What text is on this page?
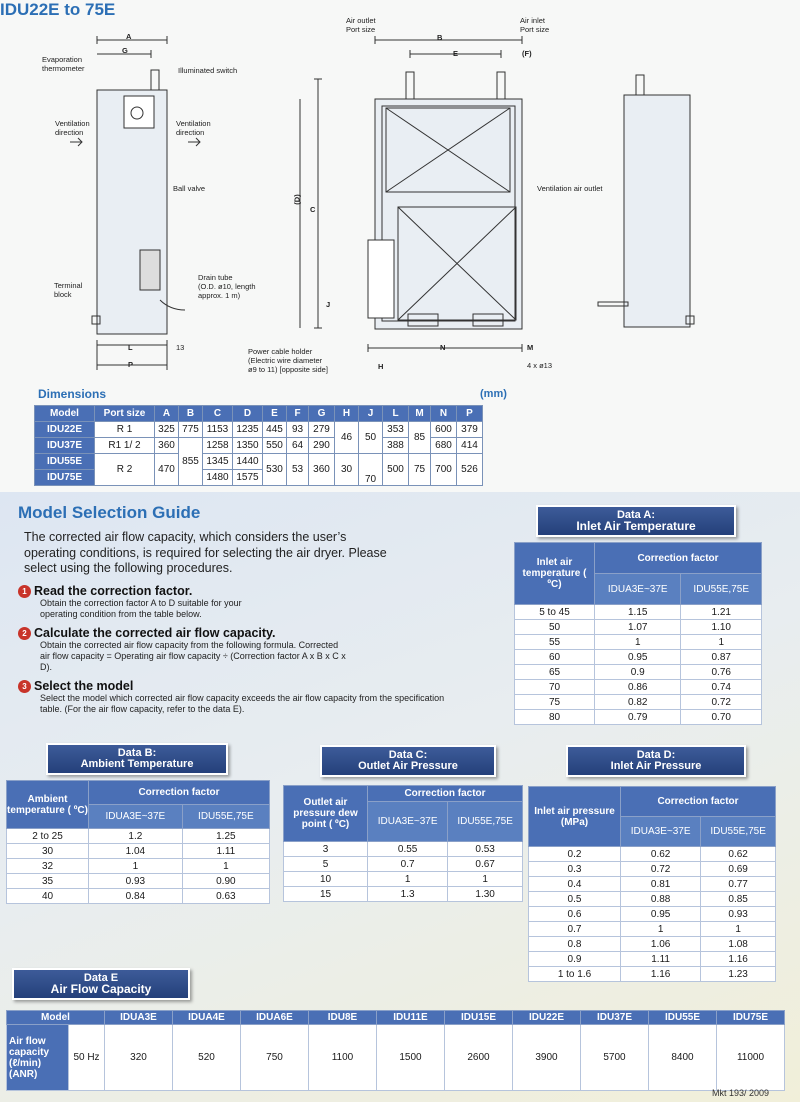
IDU22E to 75E
A
G
Evaporation
thermometer	Illuminated switch
Ventilation
direction
Ventilation
direction
Ball valve
Terminal
block
Drain tube
(O.D. ø10, length
approx. 1 m)
L
P
13
Air outlet
Port size
Air inlet
Port size
B
E	(F)
(D)
C
Ventilation air outlet
J
N	M
4 x ø13
Power cable holder
(Electric wire diameter
ø9 to 11) [opposite side]	H
Dimensions	(mm)
Model	Port size	A	B	C	D	E	F	G	H	J	L	M	N	P
IDU22E	R 1	325	775	1153	1235	445	93	279	46	50	353	85	600	379
IDU37E	R1 1/ 2	360	855	1258	1350	550	64	290			388		680	414
IDU55E	R 2	470		1345	1440	530	53	360	30	70	500	75	700	526
IDU75E				1480	1575									
Model Selection Guide
The corrected air flow capacity, which considers the user’s operating conditions, is required for selecting the air dryer. Please select using the following procedures.
1 Read the correction factor.
Obtain the correction factor A to D suitable for your operating condition from the table below.
2 Calculate the corrected air flow capacity.
Obtain the corrected air flow capacity from the following formula. Corrected air flow capacity = Operating air flow capacity ÷ (Correction factor A x B x C x D).
3 Select the model
Select the model which corrected air flow capacity exceeds the air flow capacity from the specification table. (For the air flow capacity, refer to the data E).
Data A:
Inlet Air Temperature
Inlet air temperature ( ºC)	Correction factor	
	IDUA3E~37E	IDU55E,75E
5 to 45	1.15	1.21
50	1.07	1.10
55	1	1
60	0.95	0.87
65	0.9	0.76
70	0.86	0.74
75	0.82	0.72
80	0.79	0.70
Data B:
Ambient Temperature
Ambient temperature ( ºC)	Correction factor	
	IDUA3E~37E	IDU55E,75E
2 to 25	1.2	1.25
30	1.04	1.11
32	1	1
35	0.93	0.90
40	0.84	0.63
Data C:
Outlet Air Pressure
Outlet air pressure dew point ( ºC)	Correction factor	
	IDUA3E~37E	IDU55E,75E
3	0.55	0.53
5	0.7	0.67
10	1	1
15	1.3	1.30
Data D:
Inlet Air Pressure
Inlet air pressure (MPa)	Correction factor	
	IDUA3E~37E	IDU55E,75E
0.2	0.62	0.62
0.3	0.72	0.69
0.4	0.81	0.77
0.5	0.88	0.85
0.6	0.95	0.93
0.7	1	1
0.8	1.06	1.08
0.9	1.11	1.16
1 to 1.6	1.16	1.23
Data E
Air Flow Capacity
Model		IDUA3E	IDUA4E	IDUA6E	IDU8E	IDU11E	IDU15E	IDU22E	IDU37E	IDU55E	IDU75E
Air flow capacity (ℓ/min) (ANR)	50 Hz	320	520	750	1100	1500	2600	3900	5700	8400	11000
Mkt 193/ 2009
